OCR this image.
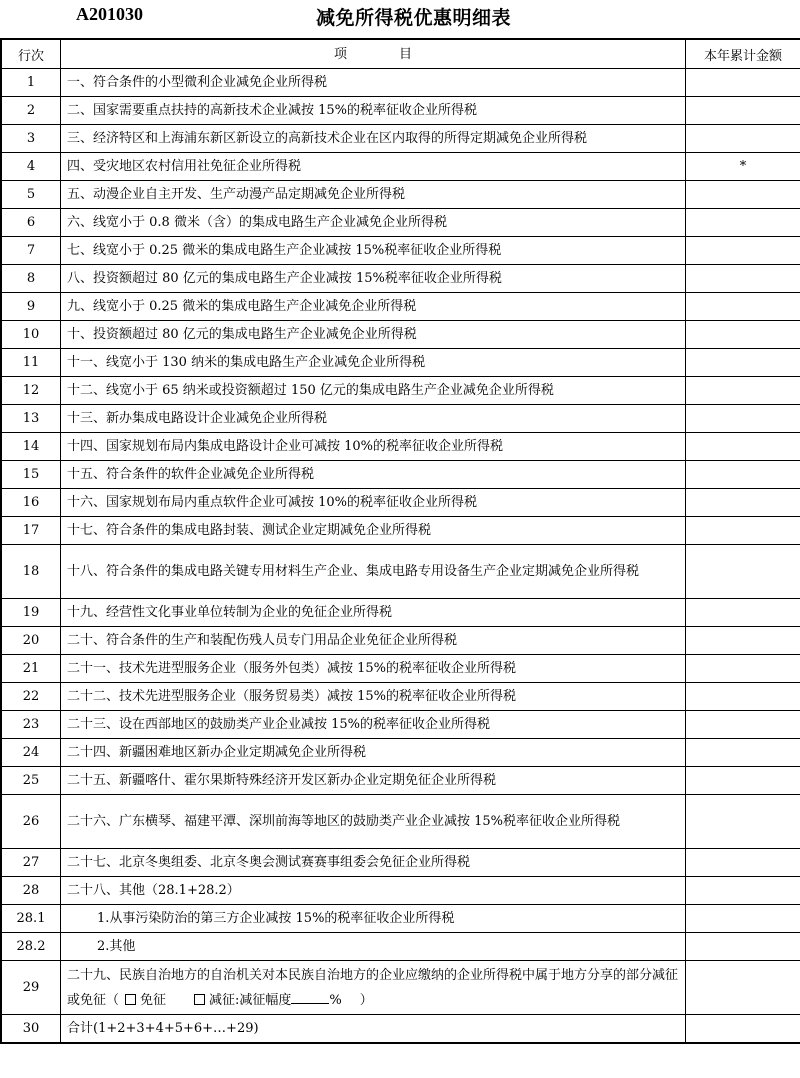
A201030	减免所得税优惠明细表
行次	项　　　　目	本年累计金额
1	一、符合条件的小型微利企业减免企业所得税	
2	二、国家需要重点扶持的高新技术企业减按 15%的税率征收企业所得税	
3	三、经济特区和上海浦东新区新设立的高新技术企业在区内取得的所得定期减免企业所得税	
4	四、受灾地区农村信用社免征企业所得税	*
5	五、动漫企业自主开发、生产动漫产品定期减免企业所得税	
6	六、线宽小于 0.8 微米（含）的集成电路生产企业减免企业所得税	
7	七、线宽小于 0.25 微米的集成电路生产企业减按 15%税率征收企业所得税	
8	八、投资额超过 80 亿元的集成电路生产企业减按 15%税率征收企业所得税	
9	九、线宽小于 0.25 微米的集成电路生产企业减免企业所得税	
10	十、投资额超过 80 亿元的集成电路生产企业减免企业所得税	
11	十一、线宽小于 130 纳米的集成电路生产企业减免企业所得税	
12	十二、线宽小于 65 纳米或投资额超过 150 亿元的集成电路生产企业减免企业所得税	
13	十三、新办集成电路设计企业减免企业所得税	
14	十四、国家规划布局内集成电路设计企业可减按 10%的税率征收企业所得税	
15	十五、符合条件的软件企业减免企业所得税	
16	十六、国家规划布局内重点软件企业可减按 10%的税率征收企业所得税	
17	十七、符合条件的集成电路封装、测试企业定期减免企业所得税	
18	十八、符合条件的集成电路关键专用材料生产企业、集成电路专用设备生产企业定期减免企业所得税	
19	十九、经营性文化事业单位转制为企业的免征企业所得税	
20	二十、符合条件的生产和装配伤残人员专门用品企业免征企业所得税	
21	二十一、技术先进型服务企业（服务外包类）减按 15%的税率征收企业所得税	
22	二十二、技术先进型服务企业（服务贸易类）减按 15%的税率征收企业所得税	
23	二十三、设在西部地区的鼓励类产业企业减按 15%的税率征收企业所得税	
24	二十四、新疆困难地区新办企业定期减免企业所得税	
25	二十五、新疆喀什、霍尔果斯特殊经济开发区新办企业定期免征企业所得税	
26	二十六、广东横琴、福建平潭、深圳前海等地区的鼓励类产业企业减按 15%税率征收企业所得税	
27	二十七、北京冬奥组委、北京冬奥会测试赛赛事组委会免征企业所得税	
28	二十八、其他（28.1+28.2）	
28.1	1.从事污染防治的第三方企业减按 15%的税率征收企业所得税	
28.2	2.其他	
29	二十九、民族自治地方的自治机关对本民族自治地方的企业应缴纳的企业所得税中属于地方分享的部分减征或免征（ 免征 减征:减征幅度 % ）	
30	合计(1+2+3+4+5+6+…+29)	
